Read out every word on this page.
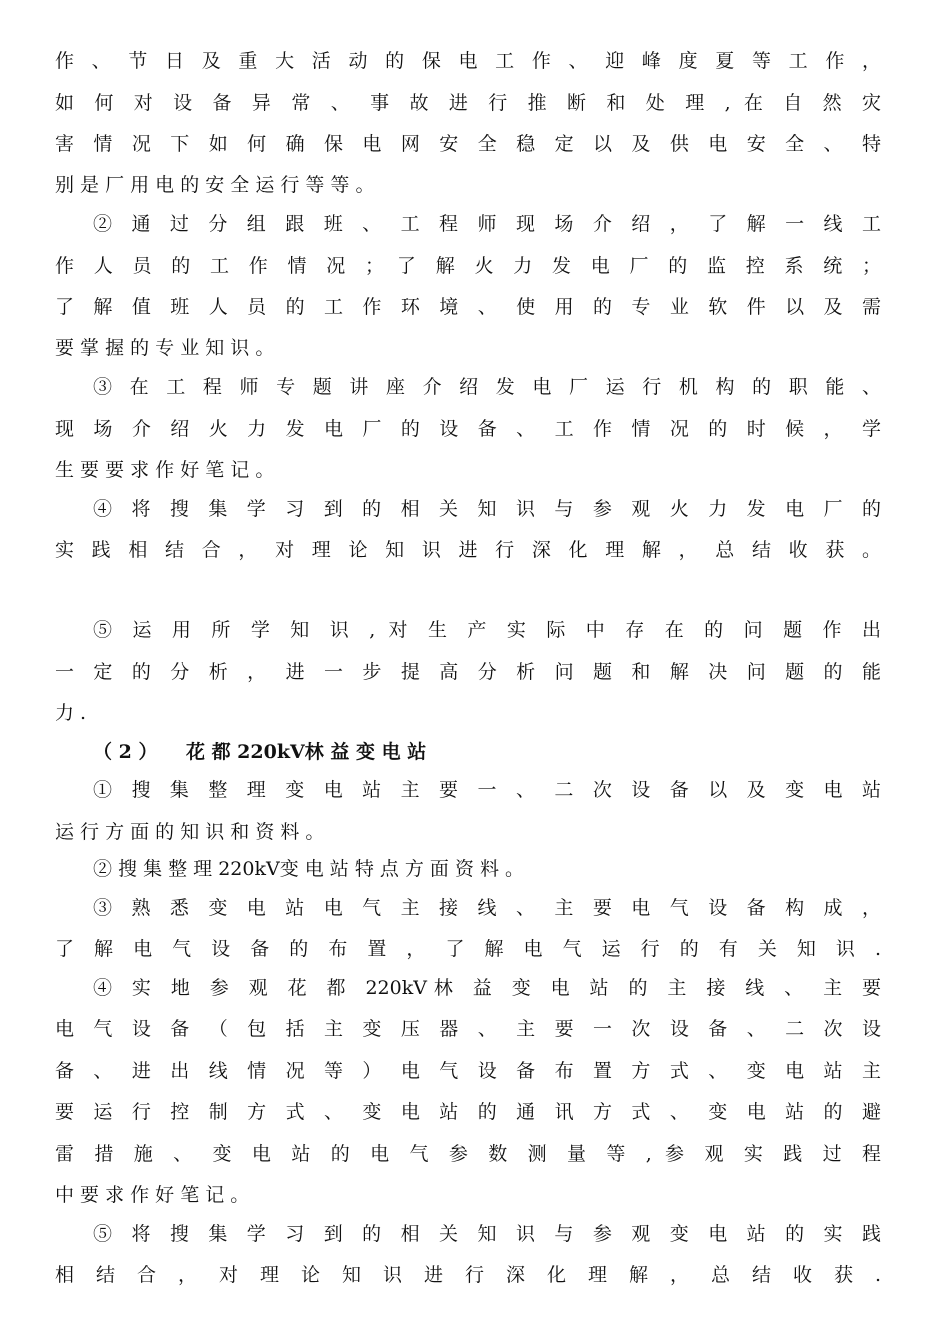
作 、 节 日 及 重 大 活 动 的 保 电 工 作 、 迎 峰 度 夏 等 工 作 ，
如 何 对 设 备 异 常 、 事 故 进 行 推 断 和 处 理 , 在 自 然 灾
害 情 况 下 如 何 确 保 电 网 安 全 稳 定 以 及 供 电 安 全 、 特
别 是 厂 用 电 的 安 全 运 行 等 等 。
② 通 过 分 组 跟 班 、 工 程 师 现 场 介 绍 ， 了 解 一 线 工
作 人 员 的 工 作 情 况 ； 了 解 火 力 发 电 厂 的 监 控 系 统 ；
了 解 值 班 人 员 的 工 作 环 境 、 使 用 的 专 业 软 件 以 及 需
要 掌 握 的 专 业 知 识 。
③ 在 工 程 师 专 题 讲 座 介 绍 发 电 厂 运 行 机 构 的 职 能 、
现 场 介 绍 火 力 发 电 厂 的 设 备 、 工 作 情 况 的 时 候 ， 学
生 要 要 求 作 好 笔 记 。
④ 将 搜 集 学 习 到 的 相 关 知 识 与 参 观 火 力 发 电 厂 的
实 践 相 结 合 ， 对 理 论 知 识 进 行 深 化 理 解 ， 总 结 收 获 。
⑤ 运 用 所 学 知 识 , 对 生 产 实 际 中 存 在 的 问 题 作 出
一 定 的 分 析 ， 进 一 步 提 高 分 析 问 题 和 解 决 问 题 的 能
力 .
（ 2 ）　　花 都 220kV林 益 变 电 站
① 搜 集 整 理 变 电 站 主 要 一 、 二 次 设 备 以 及 变 电 站
运 行 方 面 的 知 识 和 资 料 。
② 搜 集 整 理 220kV变 电 站 特 点 方 面 资 料 。
③ 熟 悉 变 电 站 电 气 主 接 线 、 主 要 电 气 设 备 构 成 ，
了 解 电 气 设 备 的 布 置 ， 了 解 电 气 运 行 的 有 关 知 识 .
④ 实 地 参 观 花 都 220kV林 益 变 电 站 的 主 接 线 、 主 要
电 气 设 备 （ 包 括 主 变 压 器 、 主 要 一 次 设 备 、 二 次 设
备 、 进 出 线 情 况 等 ） 电 气 设 备 布 置 方 式 、 变 电 站 主
要 运 行 控 制 方 式 、 变 电 站 的 通 讯 方 式 、 变 电 站 的 避
雷 措 施 、 变 电 站 的 电 气 参 数 测 量 等 , 参 观 实 践 过 程
中 要 求 作 好 笔 记 。
⑤ 将 搜 集 学 习 到 的 相 关 知 识 与 参 观 变 电 站 的 实 践
相 结 合 ， 对 理 论 知 识 进 行 深 化 理 解 ， 总 结 收 获 .
